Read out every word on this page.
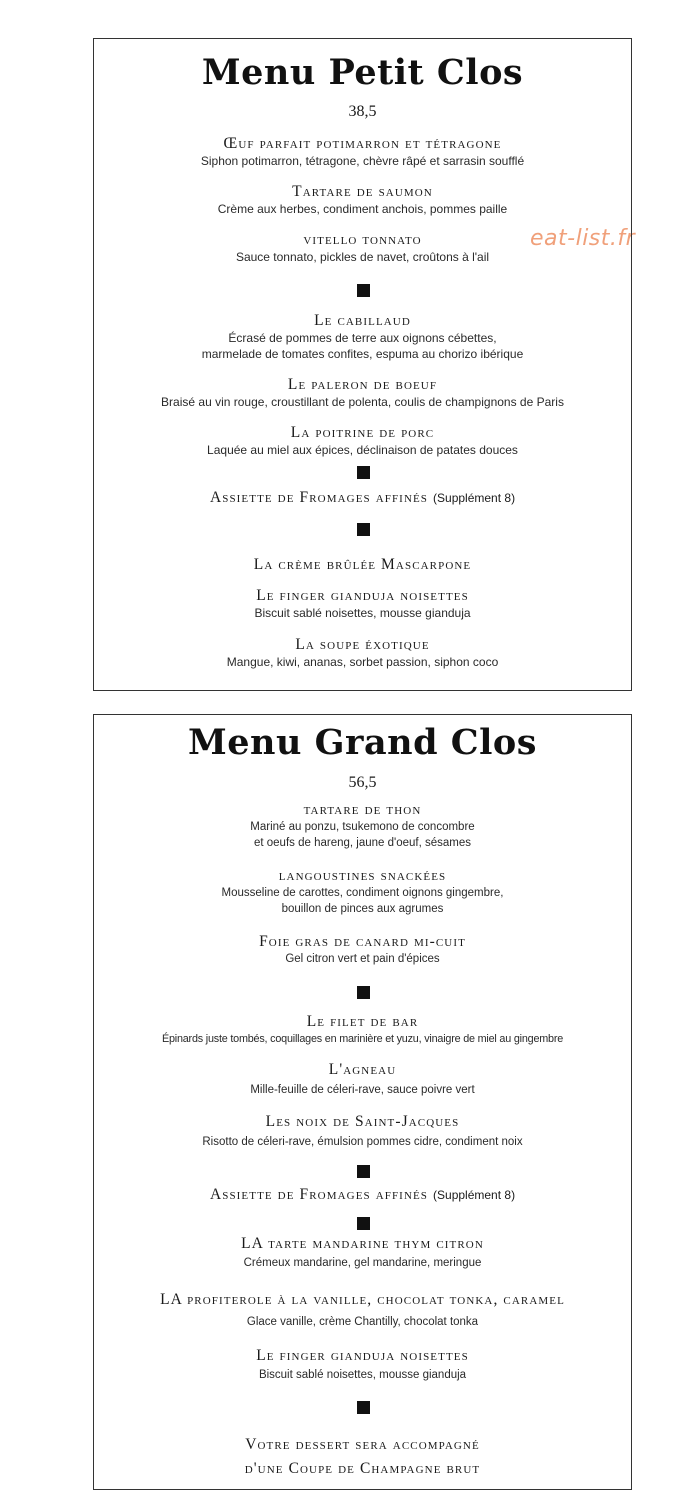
eat-list.fr
Menu Petit Clos
38,5
Œuf parfait potimarron et tétragone
Siphon potimarron, tétragone, chèvre râpé et sarrasin soufflé
Tartare de saumon
Crème aux herbes, condiment anchois, pommes paille
vitello tonnato
Sauce tonnato, pickles de navet, croûtons à l'ail
Le cabillaud
Écrasé de pommes de terre aux oignons cébettes,
marmelade de tomates confites, espuma au chorizo ibérique
Le paleron de boeuf
Braisé au vin rouge, croustillant de polenta, coulis de champignons de Paris
La poitrine de porc
Laquée au miel aux épices, déclinaison de patates douces
Assiette de Fromages affinés (Supplément 8)
La crème brûlée Mascarpone
Le finger gianduja noisettes
Biscuit sablé noisettes, mousse gianduja
La soupe éxotique
Mangue, kiwi, ananas, sorbet passion, siphon coco
Menu Grand Clos
56,5
tartare de thon
Mariné au ponzu, tsukemono de concombre
et oeufs de hareng, jaune d'oeuf, sésames
langoustines snackées
Mousseline de carottes, condiment oignons gingembre,
bouillon de pinces aux agrumes
Foie gras de canard mi-cuit
Gel citron vert et pain d'épices
Le filet de bar
Épinards juste tombés, coquillages en marinière et yuzu, vinaigre de miel au gingembre
L'agneau
Mille-feuille de céleri-rave, sauce poivre vert
Les noix de Saint-Jacques
Risotto de céleri-rave, émulsion pommes cidre, condiment noix
Assiette de Fromages affinés (Supplément 8)
LA tarte mandarine thym citron
Crémeux mandarine, gel mandarine, meringue
LA profiterole à la vanille, chocolat tonka, caramel
Glace vanille, crème Chantilly, chocolat tonka
Le finger gianduja noisettes
Biscuit sablé noisettes, mousse gianduja
Votre dessert sera accompagné
d'une Coupe de Champagne brut
